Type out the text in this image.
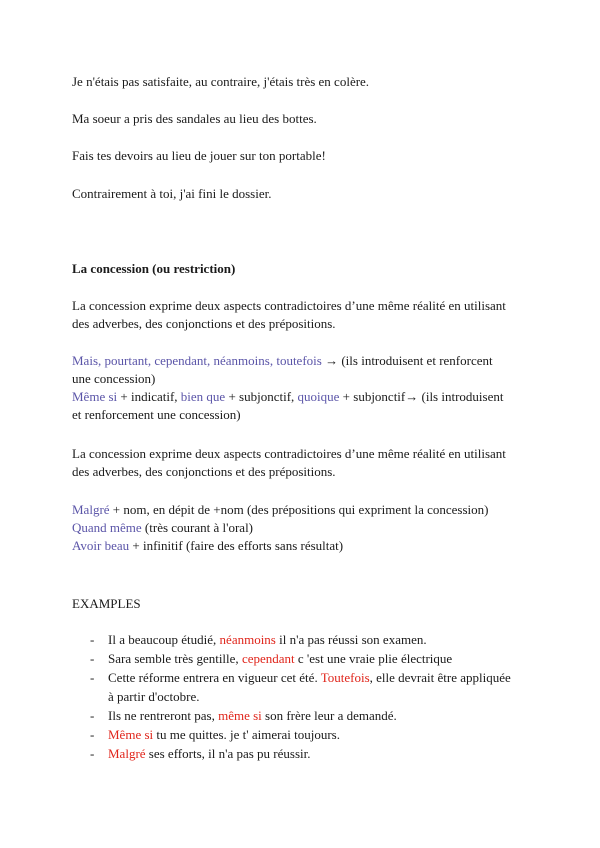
Je n'étais pas satisfaite, au contraire, j'étais très en colère.
Ma soeur a pris des sandales au lieu des bottes.
Fais tes devoirs au lieu de jouer sur ton portable!
Contrairement à toi, j'ai fini le dossier.
La concession (ou restriction)
La concession exprime deux aspects contradictoires d’une même réalité en utilisant des adverbes, des conjonctions et des prépositions.
Mais, pourtant, cependant, néanmoins, toutefois → (ils introduisent et renforcent une concession)
Même si + indicatif, bien que + subjonctif, quoique + subjonctif→ (ils introduisent et renforcement une concession)
La concession exprime deux aspects contradictoires d’une même réalité en utilisant des adverbes, des conjonctions et des prépositions.
Malgré + nom, en dépit de +nom (des prépositions qui expriment la concession)
Quand même (très courant à l'oral)
Avoir beau + infinitif (faire des efforts sans résultat)
EXAMPLES
- Il a beaucoup étudié, néanmoins il n'a pas réussi son examen.
- Sara semble très gentille, cependant c 'est une vraie plie électrique
- Cette réforme entrera en vigueur cet été. Toutefois, elle devrait être appliquée à partir d'octobre.
- Ils ne rentreront pas, même si son frère leur a demandé.
- Même si tu me quittes. je t' aimerai toujours.
- Malgré ses efforts, il n'a pas pu réussir.
